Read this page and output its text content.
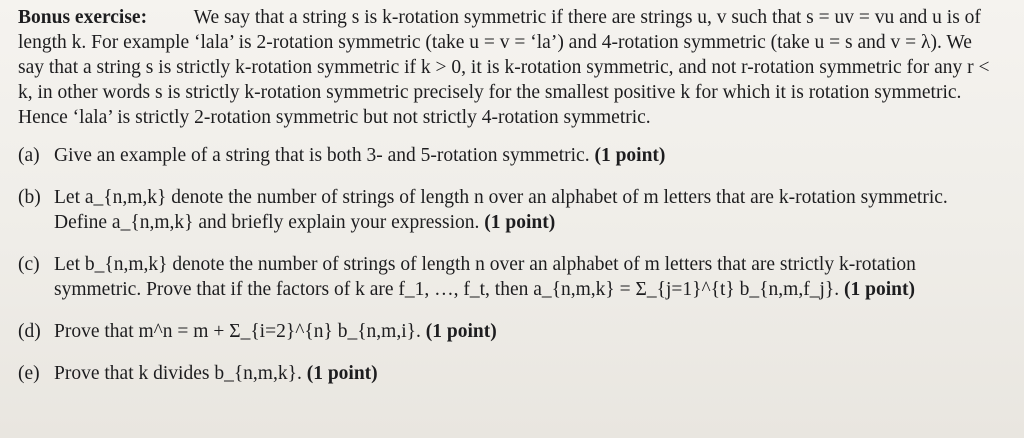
Bonus exercise: We say that a string s is k-rotation symmetric if there are strings u, v such that s = uv = vu and u is of length k. For example ‘lala’ is 2-rotation symmetric (take u = v = ‘la’) and 4-rotation symmetric (take u = s and v = λ). We say that a string s is strictly k-rotation symmetric if k > 0, it is k-rotation symmetric, and not r-rotation symmetric for any r < k, in other words s is strictly k-rotation symmetric precisely for the smallest positive k for which it is rotation symmetric. Hence ‘lala’ is strictly 2-rotation symmetric but not strictly 4-rotation symmetric.

(a) Give an example of a string that is both 3- and 5-rotation symmetric. (1 point)
(b) Let a_{n,m,k} denote the number of strings of length n over an alphabet of m letters that are k-rotation symmetric. Define a_{n,m,k} and briefly explain your expression. (1 point)
(c) Let b_{n,m,k} denote the number of strings of length n over an alphabet of m letters that are strictly k-rotation symmetric. Prove that if the factors of k are f_1, …, f_t, then a_{n,m,k} = Σ_{j=1}^{t} b_{n,m,f_j}. (1 point)
(d) Prove that m^n = m + Σ_{i=2}^{n} b_{n,m,i}. (1 point)
(e) Prove that k divides b_{n,m,k}. (1 point)
